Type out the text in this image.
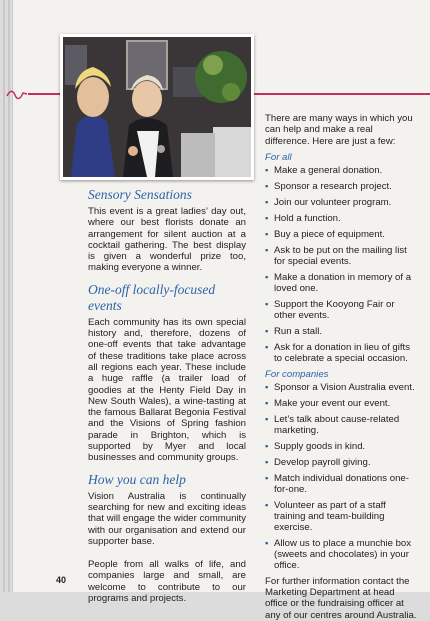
Sensory Sensations

This event is a great ladies’ day out, where our best florists donate an arrangement for silent auction at a cocktail gathering. The best display is given a wonderful prize too, making everyone a winner.

One-off locally-focused events

Each community has its own special history and, therefore, dozens of one-off events that take advantage of these traditions take place across all regions each year. These include a huge raffle (a trailer load of goodies at the Henty Field Day in New South Wales), a wine-tasting at the famous Ballarat Begonia Festival and the Visions of Spring fashion parade in Brighton, which is supported by Myer and local businesses and community groups.

How you can help

Vision Australia is continually searching for new and exciting ideas that will engage the wider community with our organisation and extend our supporter base.

People from all walks of life, and companies large and small, are welcome to contribute to our programs and projects.

There are many ways in which you can help and make a real difference. Here are just a few:

For all
• Make a general donation.
• Sponsor a research project.
• Join our volunteer program.
• Hold a function.
• Buy a piece of equipment.
• Ask to be put on the mailing list for special events.
• Make a donation in memory of a loved one.
• Support the Kooyong Fair or other events.
• Run a stall.
• Ask for a donation in lieu of gifts to celebrate a special occasion.
For companies
• Sponsor a Vision Australia event.
• Make your event our event.
• Let’s talk about cause-related marketing.
• Supply goods in kind.
• Develop payroll giving.
• Match individual donations one-for-one.
• Volunteer as part of a staff training and team-building exercise.
• Allow us to place a munchie box (sweets and chocolates) in your office.

For further information contact the Marketing Department at head office or the fundraising officer at any of our centres around Australia.

40
